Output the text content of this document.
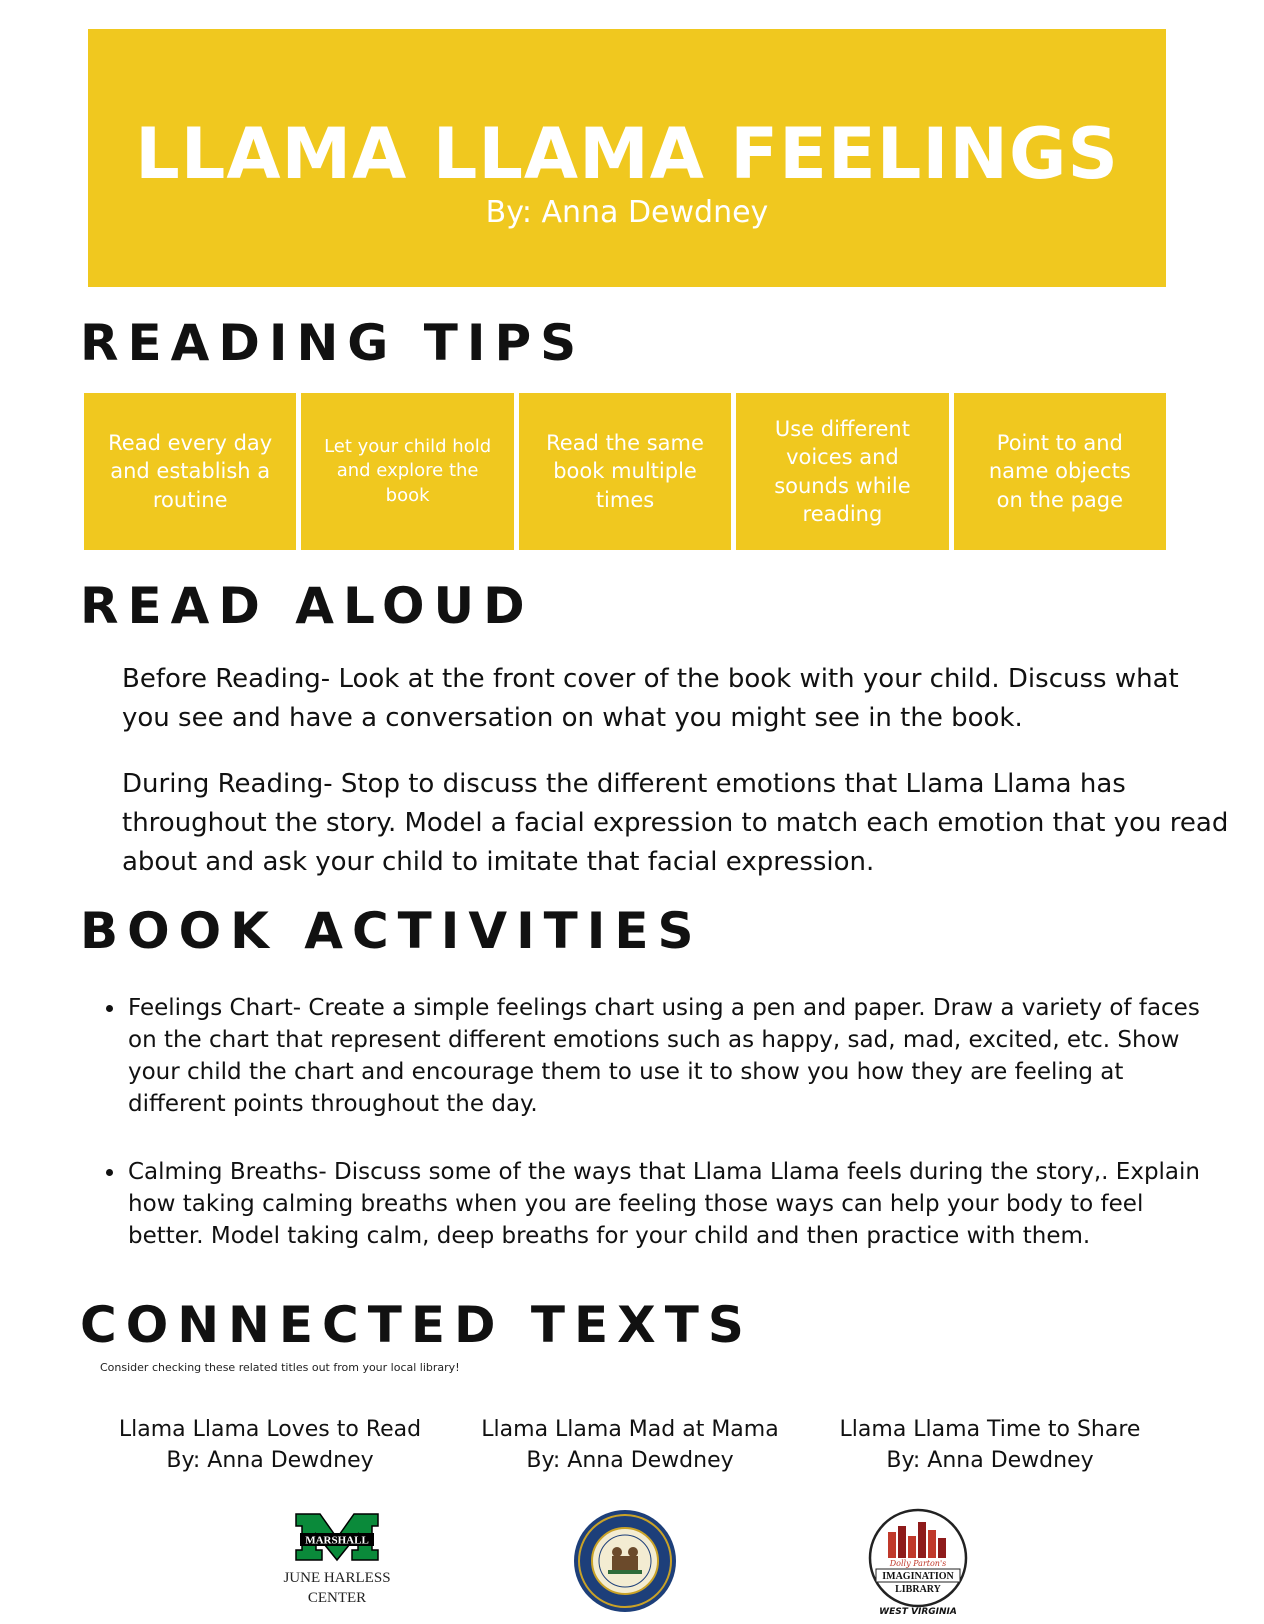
LLAMA LLAMA FEELINGS
By: Anna Dewdney
READING TIPS
Read every day and establish a routine
Let your child hold and explore the book
Read the same book multiple times
Use different voices and sounds while reading
Point to and name objects on the page
READ ALOUD

Before Reading- Look at the front cover of the book with your child. Discuss what you see and have a conversation on what you might see in the book.

During Reading- Stop to discuss the different emotions that Llama Llama has throughout the story. Model a facial expression to match each emotion that you read about and ask your child to imitate that facial expression.

BOOK ACTIVITIES
Feelings Chart- Create a simple feelings chart using a pen and paper. Draw a variety of faces on the chart that represent different emotions such as happy, sad, mad, excited, etc. Show your child the chart and encourage them to use it to show you how they are feeling at different points throughout the day.
Calming Breaths- Discuss some of the ways that Llama Llama feels during the story,. Explain how taking calming breaths when you are feeling those ways can help your body to feel better. Model taking calm, deep breaths for your child and then practice with them.
CONNECTED TEXTS
Consider checking these related titles out from your local library!
Llama Llama Loves to Read
By: Anna Dewdney
Llama Llama Mad at Mama
By: Anna Dewdney
Llama Llama Time to Share
By: Anna Dewdney
MARSHALL
JUNE HARLESS
CENTER
Dolly Parton's
IMAGINATION
LIBRARY
WEST VIRGINIA
